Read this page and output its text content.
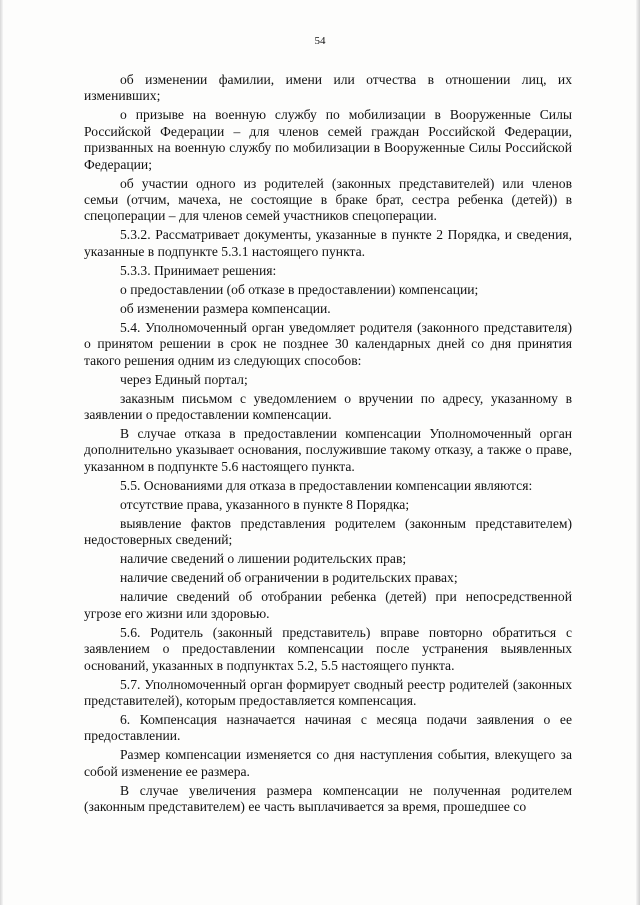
54

об изменении фамилии, имени или отчества в отношении лиц, их изменивших;

о призыве на военную службу по мобилизации в Вооруженные Силы Российской Федерации – для членов семей граждан Российской Федерации, призванных на военную службу по мобилизации в Вооруженные Силы Российской Федерации;

об участии одного из родителей (законных представителей) или членов семьи (отчим, мачеха, не состоящие в браке брат, сестра ребенка (детей)) в спецоперации – для членов семей участников спецоперации.

5.3.2. Рассматривает документы, указанные в пункте 2 Порядка, и сведения, указанные в подпункте 5.3.1 настоящего пункта.

5.3.3. Принимает решения:

о предоставлении (об отказе в предоставлении) компенсации;

об изменении размера компенсации.

5.4. Уполномоченный орган уведомляет родителя (законного представителя) о принятом решении в срок не позднее 30 календарных дней со дня принятия такого решения одним из следующих способов:

через Единый портал;

заказным письмом с уведомлением о вручении по адресу, указанному в заявлении о предоставлении компенсации.

В случае отказа в предоставлении компенсации Уполномоченный орган дополнительно указывает основания, послужившие такому отказу, а также о праве, указанном в подпункте 5.6 настоящего пункта.

5.5. Основаниями для отказа в предоставлении компенсации являются:

отсутствие права, указанного в пункте 8 Порядка;

выявление фактов представления родителем (законным представителем) недостоверных сведений;

наличие сведений о лишении родительских прав;

наличие сведений об ограничении в родительских правах;

наличие сведений об отобрании ребенка (детей) при непосредственной угрозе его жизни или здоровью.

5.6. Родитель (законный представитель) вправе повторно обратиться с заявлением о предоставлении компенсации после устранения выявленных оснований, указанных в подпунктах 5.2, 5.5 настоящего пункта.

5.7. Уполномоченный орган формирует сводный реестр родителей (законных представителей), которым предоставляется компенсация.

6. Компенсация назначается начиная с месяца подачи заявления о ее предоставлении.

Размер компенсации изменяется со дня наступления события, влекущего за собой изменение ее размера.

В случае увеличения размера компенсации не полученная родителем (законным представителем) ее часть выплачивается за время, прошедшее со
